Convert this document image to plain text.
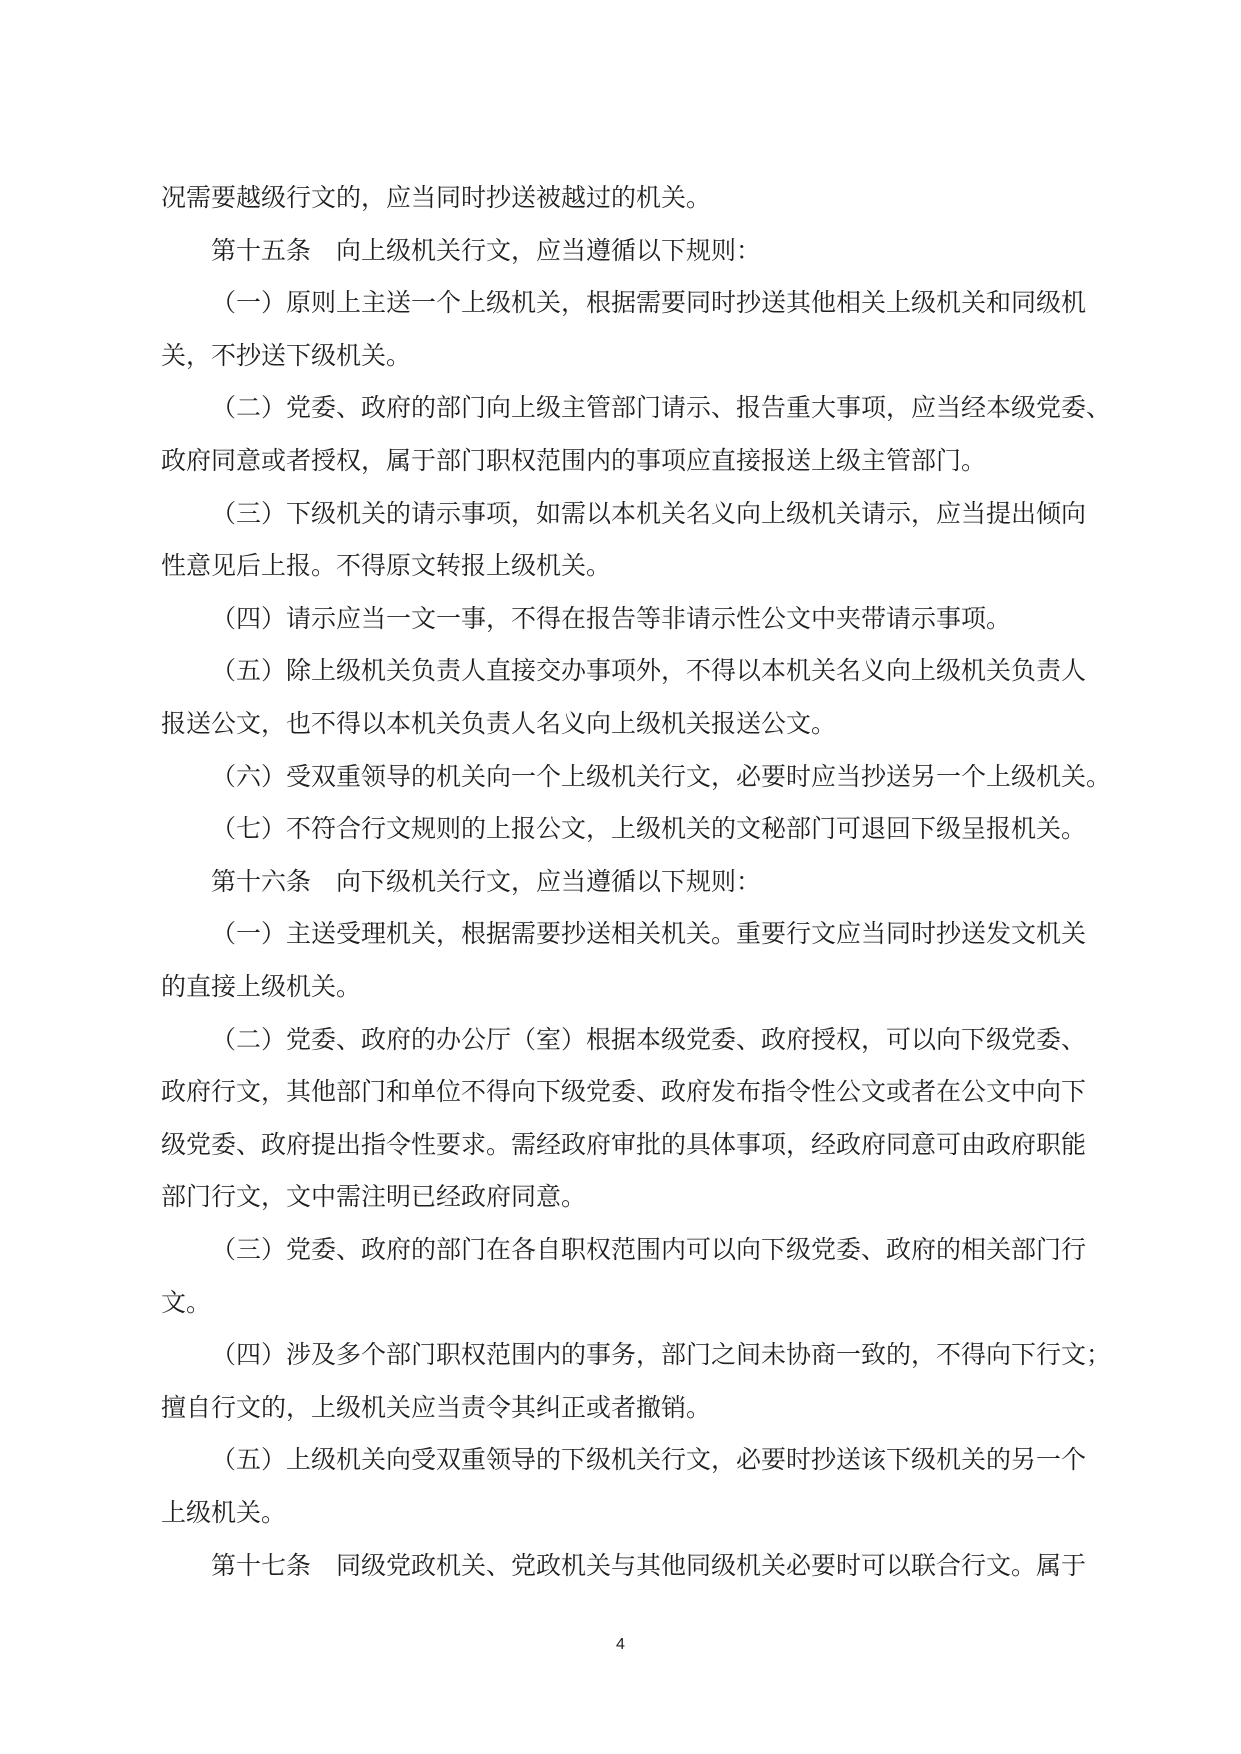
况需要越级行文的，应当同时抄送被越过的机关。
第十五条　向上级机关行文，应当遵循以下规则：
（一）原则上主送一个上级机关，根据需要同时抄送其他相关上级机关和同级机
关，不抄送下级机关。
（二）党委、政府的部门向上级主管部门请示、报告重大事项，应当经本级党委、
政府同意或者授权，属于部门职权范围内的事项应直接报送上级主管部门。
（三）下级机关的请示事项，如需以本机关名义向上级机关请示，应当提出倾向
性意见后上报。不得原文转报上级机关。
（四）请示应当一文一事，不得在报告等非请示性公文中夹带请示事项。
（五）除上级机关负责人直接交办事项外，不得以本机关名义向上级机关负责人
报送公文，也不得以本机关负责人名义向上级机关报送公文。
（六）受双重领导的机关向一个上级机关行文，必要时应当抄送另一个上级机关。
（七）不符合行文规则的上报公文，上级机关的文秘部门可退回下级呈报机关。
第十六条　向下级机关行文，应当遵循以下规则：
（一）主送受理机关，根据需要抄送相关机关。重要行文应当同时抄送发文机关
的直接上级机关。
（二）党委、政府的办公厅（室）根据本级党委、政府授权，可以向下级党委、
政府行文，其他部门和单位不得向下级党委、政府发布指令性公文或者在公文中向下
级党委、政府提出指令性要求。需经政府审批的具体事项，经政府同意可由政府职能
部门行文，文中需注明已经政府同意。
（三）党委、政府的部门在各自职权范围内可以向下级党委、政府的相关部门行
文。
（四）涉及多个部门职权范围内的事务，部门之间未协商一致的，不得向下行文；
擅自行文的，上级机关应当责令其纠正或者撤销。
（五）上级机关向受双重领导的下级机关行文，必要时抄送该下级机关的另一个
上级机关。
第十七条　同级党政机关、党政机关与其他同级机关必要时可以联合行文。属于
4
